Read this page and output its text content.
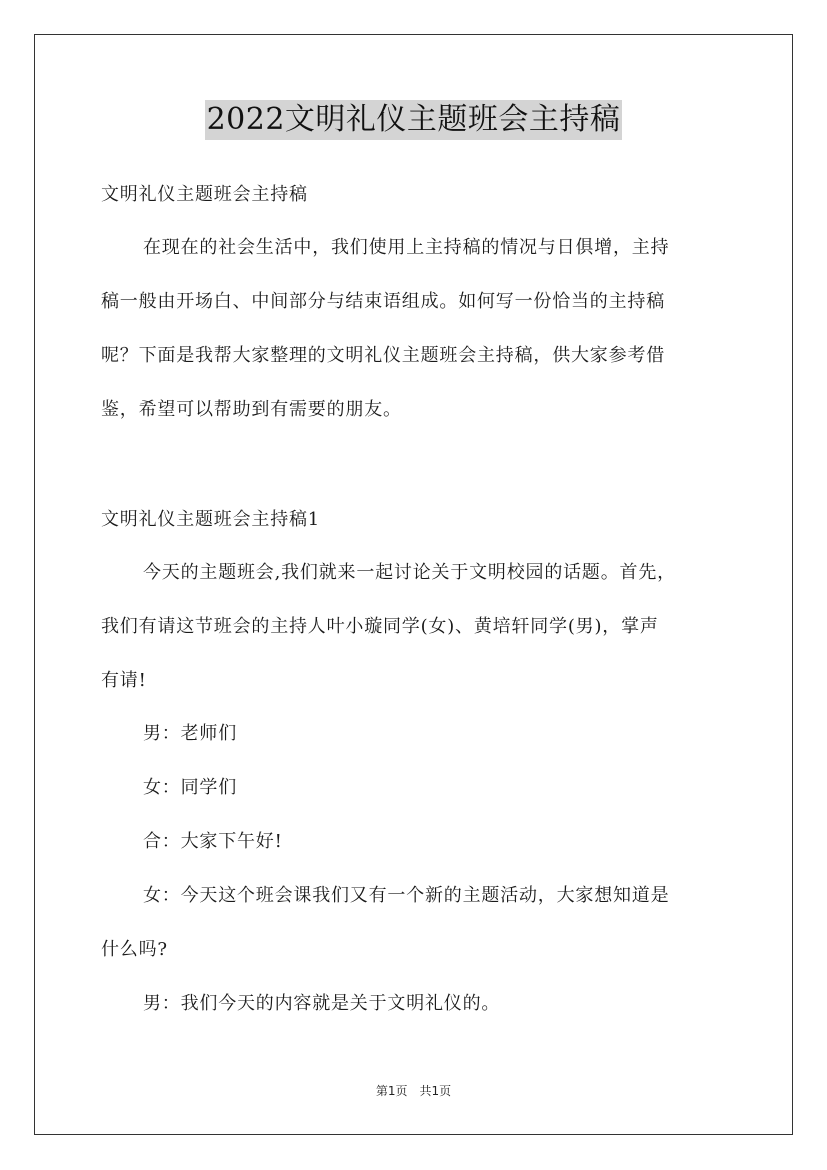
2022文明礼仪主题班会主持稿
文明礼仪主题班会主持稿
在现在的社会生活中，我们使用上主持稿的情况与日俱增，主持
稿一般由开场白、中间部分与结束语组成。如何写一份恰当的主持稿
呢？下面是我帮大家整理的文明礼仪主题班会主持稿，供大家参考借
鉴，希望可以帮助到有需要的朋友。
文明礼仪主题班会主持稿1
今天的主题班会,我们就来一起讨论关于文明校园的话题。首先，
我们有请这节班会的主持人叶小璇同学(女)、黄培轩同学(男)，掌声
有请!
男：老师们
女：同学们
合：大家下午好!
女：今天这个班会课我们又有一个新的主题活动，大家想知道是
什么吗?
男：我们今天的内容就是关于文明礼仪的。
第1页　共1页
